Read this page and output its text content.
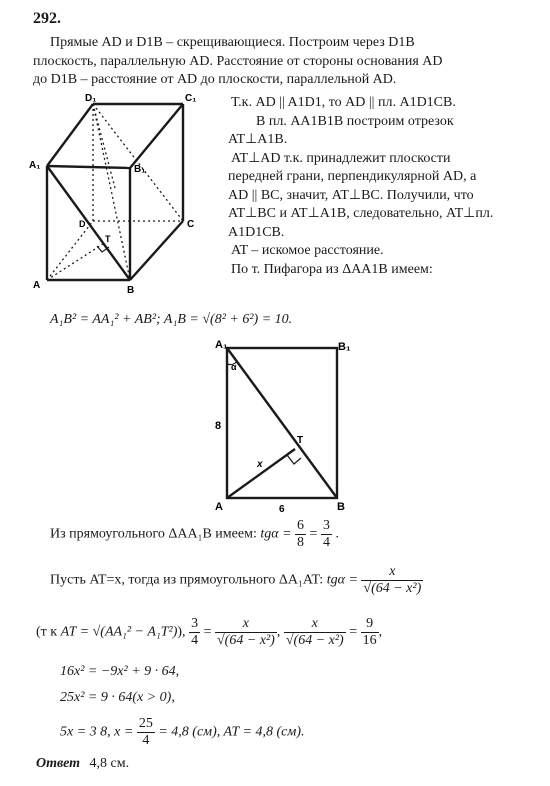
292.
Прямые AD и D1B – скрещивающиеся. Построим через D1B
плоскость, параллельную AD. Расстояние от стороны основания AD
до D1B – расстояние от AD до плоскости, параллельной AD.
D₁	C₁
A₁	B₁
D	C
T
A	B
Т.к. AD || A1D1, то AD || пл. A1D1CB.
В пл. AA1B1B построим отрезок
AT⊥A1B.
AT⊥AD т.к. принадлежит плоскости
передней грани, перпендикулярной AD, а
AD || BC, значит, AT⊥BC. Получили, что
AT⊥BC и AT⊥A1B, следовательно, AT⊥пл.
A1D1CB.
AT – искомое расстояние.
По т. Пифагора из ΔAA1B имеем:
A₁B² = AA₁² + AB²; A₁B = √(8² + 6²) = 10.
A₁	B₁
T
A	B
8
6
x
α
Из прямоугольного ΔAA₁B имеем: $tg\alpha = \frac{6}{8} = \frac{3}{4}$ .
Пусть AT=x, тогда из прямоугольного ΔA₁AT: $tg\alpha = \frac{x}{\text{√(64 − x²)}}$
(т к AT = √(AA₁² − A₁T²)), $\frac{3}{4} = \frac{x}{\text{√(64 − x²)}}$ , $\frac{x}{\text{√(64 − x²)}} = \frac{9}{16}$ ,
16x² = −9x² + 9 · 64,
25x² = 9 · 64(x > 0),
5x = 3 8, $x = \frac{25}{4} = 4,8$ (см), AT = 4,8 (см).
Ответ 4,8 см.
